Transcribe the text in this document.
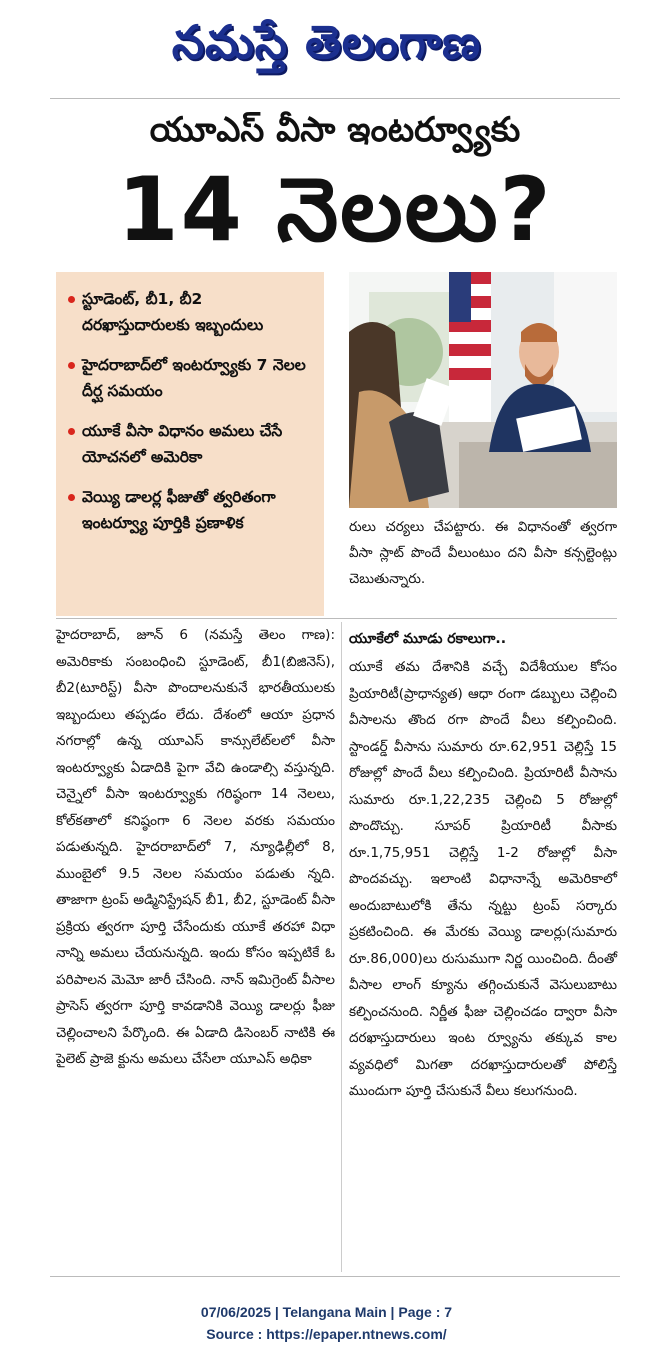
నమస్తే తెలంగాణ
యూఎస్ వీసా ఇంటర్వ్యూకు
14 నెలలు?
స్టూడెంట్, బీ1, బీ2 దరఖాస్తుదారులకు ఇబ్బందులు
హైదరాబాద్‌లో ఇంటర్వ్యూకు 7 నెలల దీర్ఘ సమయం
యూకే వీసా విధానం అమలు చేసే యోచనలో అమెరికా
వెయ్యి డాలర్ల ఫీజుతో త్వరితంగా ఇంటర్వ్యూ పూర్తికి ప్రణాళిక	రులు చర్యలు చేపట్టారు. ఈ విధానంతో త్వరగా వీసా స్లాట్ పొందే వీలుంటుం దని వీసా కన్సల్టెంట్లు చెబుతున్నారు.
హైదరాబాద్, జూన్ 6 (నమస్తే తెలం గాణ): అమెరికాకు సంబంధించి స్టూడెంట్, బీ1(బిజినెస్), బీ2(టూరిస్ట్) వీసా పొందాలనుకునే భారతీయులకు ఇబ్బందులు తప్పడం లేదు. దేశంలో ఆయా ప్రధాన నగరాల్లో ఉన్న యూఎస్ కాన్సులేట్‌లలో వీసా ఇంటర్వ్యూకు ఏడాదికి పైగా వేచి ఉండాల్సి వస్తున్నది. చెన్నైలో వీసా ఇంటర్వ్యూకు గరిష్ఠంగా 14 నెలలు, కోల్‌కతాలో కనిష్ఠంగా 6 నెలల వరకు సమయం పడుతున్నది. హైదరాబాద్‌లో 7, న్యూఢిల్లీలో 8, ముంబైలో 9.5 నెలల సమయం పడుతు న్నది. తాజాగా ట్రంప్ అడ్మినిస్ట్రేషన్ బీ1, బీ2, స్టూడెంట్ వీసా ప్రక్రియ త్వరగా పూర్తి చేసేందుకు యూకే తరహా విధా నాన్ని అమలు చేయనున్నది. ఇందు కోసం ఇప్పటికే ఓ పరిపాలన మెమో జారీ చేసింది. నాన్ ఇమిగ్రెంట్ వీసాల ప్రాసెస్ త్వరగా పూర్తి కావడానికి వెయ్యి డాలర్లు ఫీజు చెల్లించాలని పేర్కొంది. ఈ ఏడాది డిసెంబర్ నాటికి ఈ పైలెట్ ప్రాజె క్టును అమలు చేసేలా యూఎస్ అధికా
యూకేలో మూడు రకాలుగా..
యూకే తమ దేశానికి వచ్చే విదేశీయుల కోసం ప్రియారిటీ(ప్రాధాన్యత) ఆధా రంగా డబ్బులు చెల్లించి వీసాలను తొంద రగా పొందే వీలు కల్పించింది. స్టాండర్డ్ వీసాను సుమారు రూ.62,951 చెల్లిస్తే 15 రోజుల్లో పొందే వీలు కల్పించింది. ప్రియారిటీ వీసాను సుమారు రూ.1,22,235 చెల్లించి 5 రోజుల్లో పొందొచ్చు. సూపర్ ప్రియారిటీ వీసాకు రూ.1,75,951 చెల్లిస్తే 1-2 రోజుల్లో వీసా పొందవచ్చు. ఇలాంటి విధానాన్నే అమెరికాలో అందుబాటులోకి తేను న్నట్టు ట్రంప్ సర్కారు ప్రకటించింది. ఈ మేరకు వెయ్యి డాలర్లు(సుమారు రూ.86,000)లు రుసుముగా నిర్ణ యించింది. దీంతో వీసాల లాంగ్ క్యూను తగ్గించుకునే వెసులుబాటు కల్పించనుంది. నిర్ణీత ఫీజు చెల్లించడం ద్వారా వీసా దరఖాస్తుదారులు ఇంట ర్వ్యూను తక్కువ కాల వ్యవధిలో మిగతా దరఖాస్తుదారులతో పోలిస్తే ముందుగా పూర్తి చేసుకునే వీలు కలుగనుంది.
07/06/2025 | Telangana Main | Page : 7
Source : https://epaper.ntnews.com/
